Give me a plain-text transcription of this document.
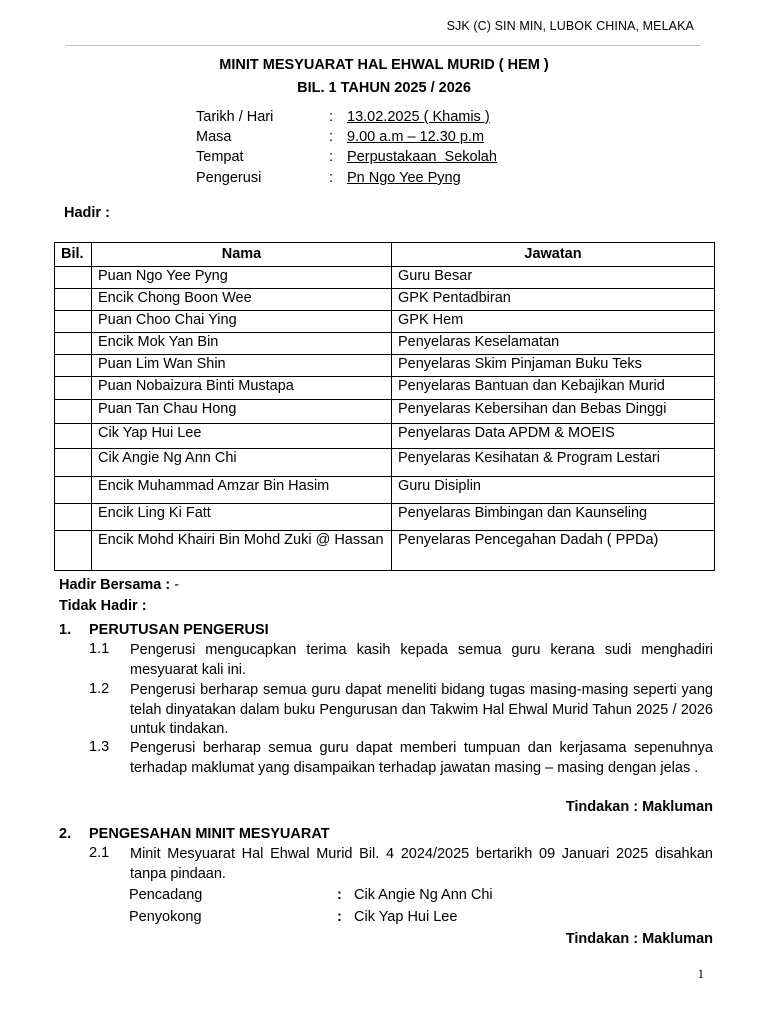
SJK (C) SIN MIN, LUBOK CHINA, MELAKA
MINIT MESYUARAT HAL EHWAL MURID ( HEM )
BIL. 1 TAHUN 2025 / 2026
Tarikh / Hari	: 13.02.2025 ( Khamis )
Masa	: 9.00 a.m – 12.30 p.m
Tempat	: Perpustakaan  Sekolah
Pengerusi	: Pn Ngo Yee Pyng
Hadir :
Bil.	Nama	Jawatan
	Puan Ngo Yee Pyng	Guru Besar
	Encik Chong Boon Wee	GPK Pentadbiran
	Puan Choo Chai Ying	GPK Hem
	Encik Mok Yan Bin	Penyelaras Keselamatan
	Puan Lim Wan Shin	Penyelaras Skim Pinjaman Buku Teks
	Puan Nobaizura Binti Mustapa	Penyelaras Bantuan dan Kebajikan Murid
	Puan Tan Chau Hong	Penyelaras Kebersihan dan Bebas Dinggi
	Cik Yap Hui Lee	Penyelaras Data APDM & MOEIS
	Cik Angie Ng Ann Chi	Penyelaras Kesihatan & Program Lestari
	Encik Muhammad Amzar Bin Hasim	Guru Disiplin
	Encik Ling Ki Fatt	Penyelaras Bimbingan dan Kaunseling
	Encik Mohd Khairi Bin Mohd Zuki @ Hassan	Penyelaras Pencegahan Dadah ( PPDa)
Hadir Bersama : -
Tidak Hadir :
1. PERUTUSAN PENGERUSI
1.1 Pengerusi mengucapkan terima kasih kepada semua guru kerana sudi menghadiri mesyuarat kali ini.
1.2 Pengerusi berharap semua guru dapat meneliti bidang tugas masing-masing seperti yang telah dinyatakan dalam buku Pengurusan dan Takwim Hal Ehwal Murid Tahun 2025 / 2026 untuk tindakan.
1.3 Pengerusi berharap semua guru dapat memberi tumpuan dan kerjasama sepenuhnya terhadap maklumat yang disampaikan terhadap jawatan masing – masing dengan jelas .
Tindakan : Makluman
2. PENGESAHAN MINIT MESYUARAT
2.1 Minit Mesyuarat Hal Ehwal Murid Bil. 4 2024/2025 bertarikh 09 Januari 2025 disahkan tanpa pindaan.
Pencadang	: Cik Angie Ng Ann Chi
Penyokong	: Cik Yap Hui Lee
Tindakan : Makluman
1
